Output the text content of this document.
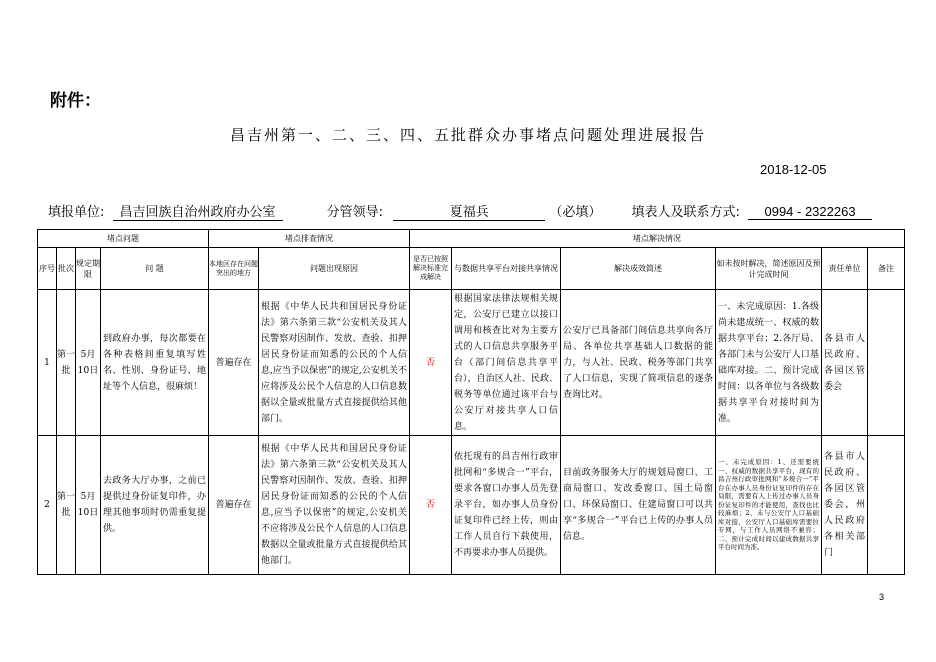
附件：
昌吉州第一、二、三、四、五批群众办事堵点问题处理进展报告
2018-12-05
填报单位: 昌吉回族自治州政府办公室	分管领导:	夏福兵	（必填） 填表人及联系方式: 0994 - 2322263
堵点问题				堵点排查情况		堵点解决情况					
序号	批次	规定期限	问 题	本地区存在问题突出的地方	问题出现原因	是否已按照解决标准完成解决	与数据共享平台对接共享情况	解决成效简述	如未按时解决，简述原因及预计完成时间	责任单位	备注
1	第一批	5月10日	到政府办事，每次都要在各种表格间重复填写姓名、性别、身份证号、地址等个人信息，很麻烦！	普遍存在	根据《中华人民共和国居民身份证法》第六条第三款“公安机关及其人民警察对因制作、发放、查验、扣押居民身份证而知悉的公民的个人信息,应当予以保密”的规定,公安机关不应将涉及公民个人信息的人口信息数据以全量或批量方式直接提供给其他部门。	否	根据国家法律法规相关规定，公安厅已建立以接口调用和核查比对为主要方式的人口信息共享服务平台（部门间信息共享平台），自治区人社、民政、税务等单位通过该平台与公安厅对接共享人口信息。	公安厅已具备部门间信息共享向各厅局、各单位共享基础人口数据的能力，与人社、民政、税务等部门共享了人口信息，实现了简项信息的逐条查询比对。	一、未完成原因：1.各级尚未建成统一、权威的数据共享平台；2.各厅局、各部门未与公安厅人口基础库对接。二、预计完成时间：以各单位与各级数据共享平台对接时间为准。	各县市人民政府、各园区管委会	

2	第一批	5月10日	去政务大厅办事，之前已提供过身份证复印件，办理其他事项时仍需重复提供。	普遍存在	根据《中华人民共和国居民身份证法》第六条第三款“公安机关及其人民警察对因制作、发放、查验、扣押居民身份证而知悉的公民的个人信息,应当予以保密”的规定,公安机关 不应将涉及公民个人信息的人口信息数据以全量或批量方式直接提供给其他部门。	否	依托现有的昌吉州行政审批网和“多规合一”平台，要求各窗口办事人员先登录平台，如办事人员身份证复印件已经上传，则由工作人员自行下载使用，不再要求办事人员提供。	目前政务服务大厅的规划局窗口、工商局窗口、发改委窗口、国土局窗口、环保局窗口、住建局窗口可以共享“多规合一”平台已上传的办事人员信息。	一、未完成原因：1、还需要统一、权威的数据共享平台，现有的昌吉州行政审批网和“多规合一”平台在办事人员身份证复印件的存在局限，需要有人上传过办事人员身份证复印件的才能使用，查找也比较麻烦；2、未与公安厅人口基础库对接，公安厅人口基础库需要拉专网，与工作人员网络不兼容；二、预计完成时间以建成数据共享平台时间为准。	各县市人民政府、各园区管委会，州人民政府各相关部门	

3
